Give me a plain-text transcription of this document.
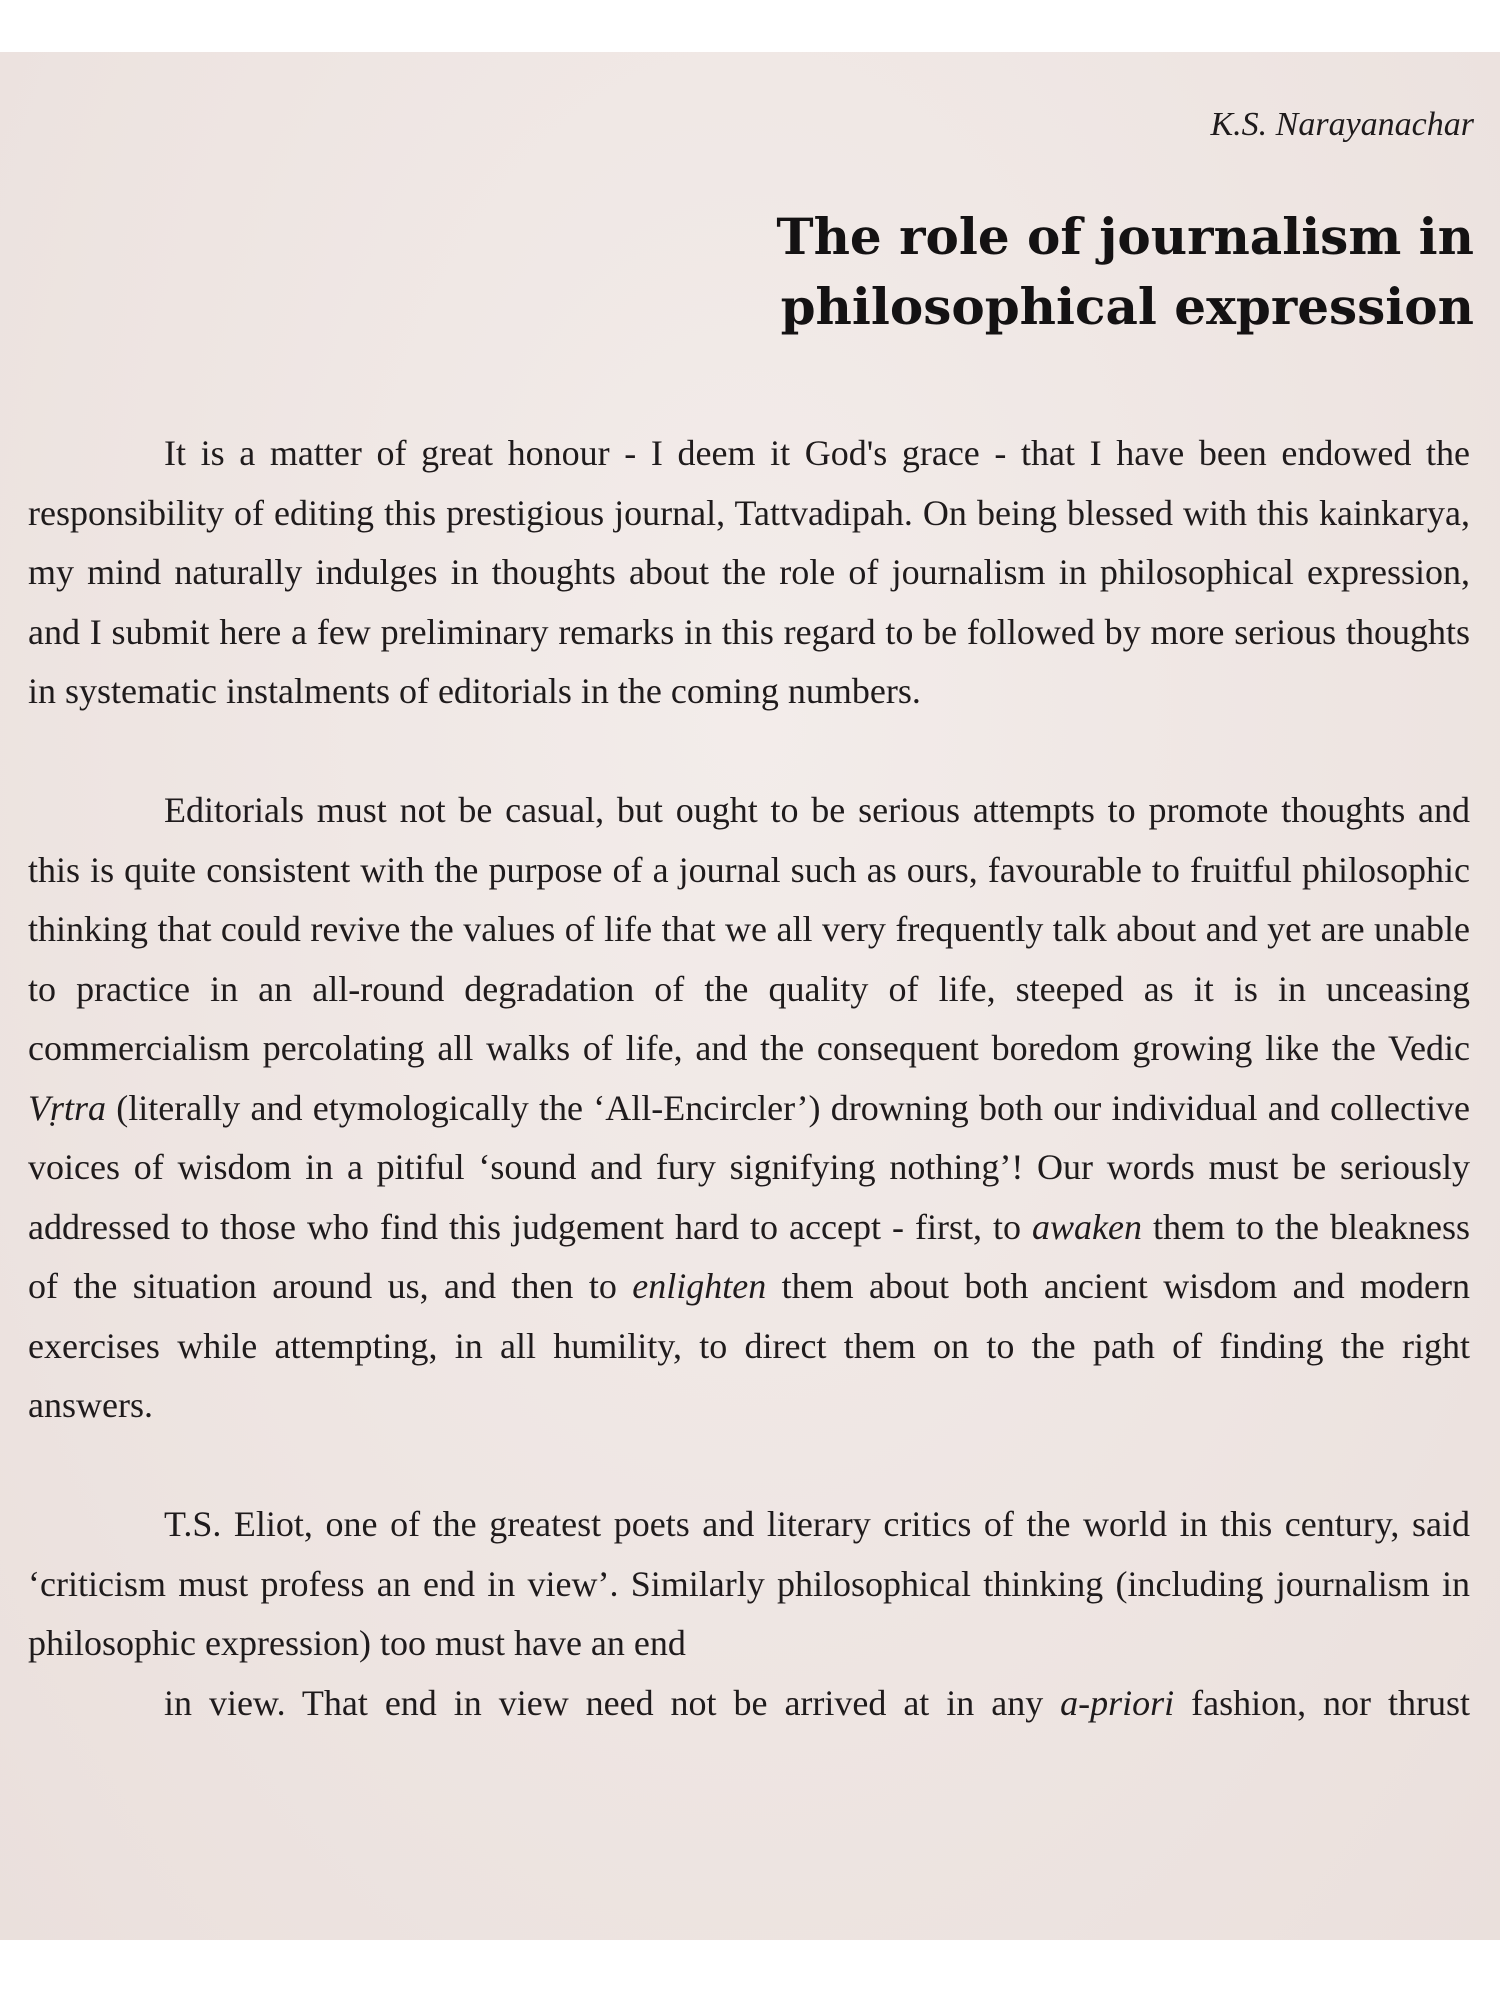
K.S. Narayanachar
The role of journalism in
philosophical expression

It is a matter of great honour - I deem it God's grace - that I have been endowed the responsibility of editing this prestigious journal, Tattvadipah. On being blessed with this kainkarya, my mind naturally indulges in thoughts about the role of journalism in philosophical expression, and I submit here a few preliminary remarks in this regard to be followed by more serious thoughts in systematic instalments of editorials in the coming numbers.

Editorials must not be casual, but ought to be serious attempts to promote thoughts and this is quite consistent with the purpose of a journal such as ours, favourable to fruitful philosophic thinking that could revive the values of life that we all very frequently talk about and yet are unable to practice in an all-round degradation of the quality of life, steeped as it is in unceasing commercialism percolating all walks of life, and the consequent boredom growing like the Vedic Vṛtra (literally and etymologically the ‘All-Encircler’) drowning both our individual and collective voices of wisdom in a pitiful ‘sound and fury signifying nothing’! Our words must be seriously addressed to those who find this judgement hard to accept - first, to awaken them to the bleakness of the situation around us, and then to enlighten them about both ancient wisdom and modern exercises while attempting, in all humility, to direct them on to the path of finding the right answers.

T.S. Eliot, one of the greatest poets and literary critics of the world in this century, said ‘criticism must profess an end in view’. Similarly philosophical thinking (including journalism in philosophic expression) too must have an end
in view. That end in view need not be arrived at in any a-priori fashion, nor thrust
